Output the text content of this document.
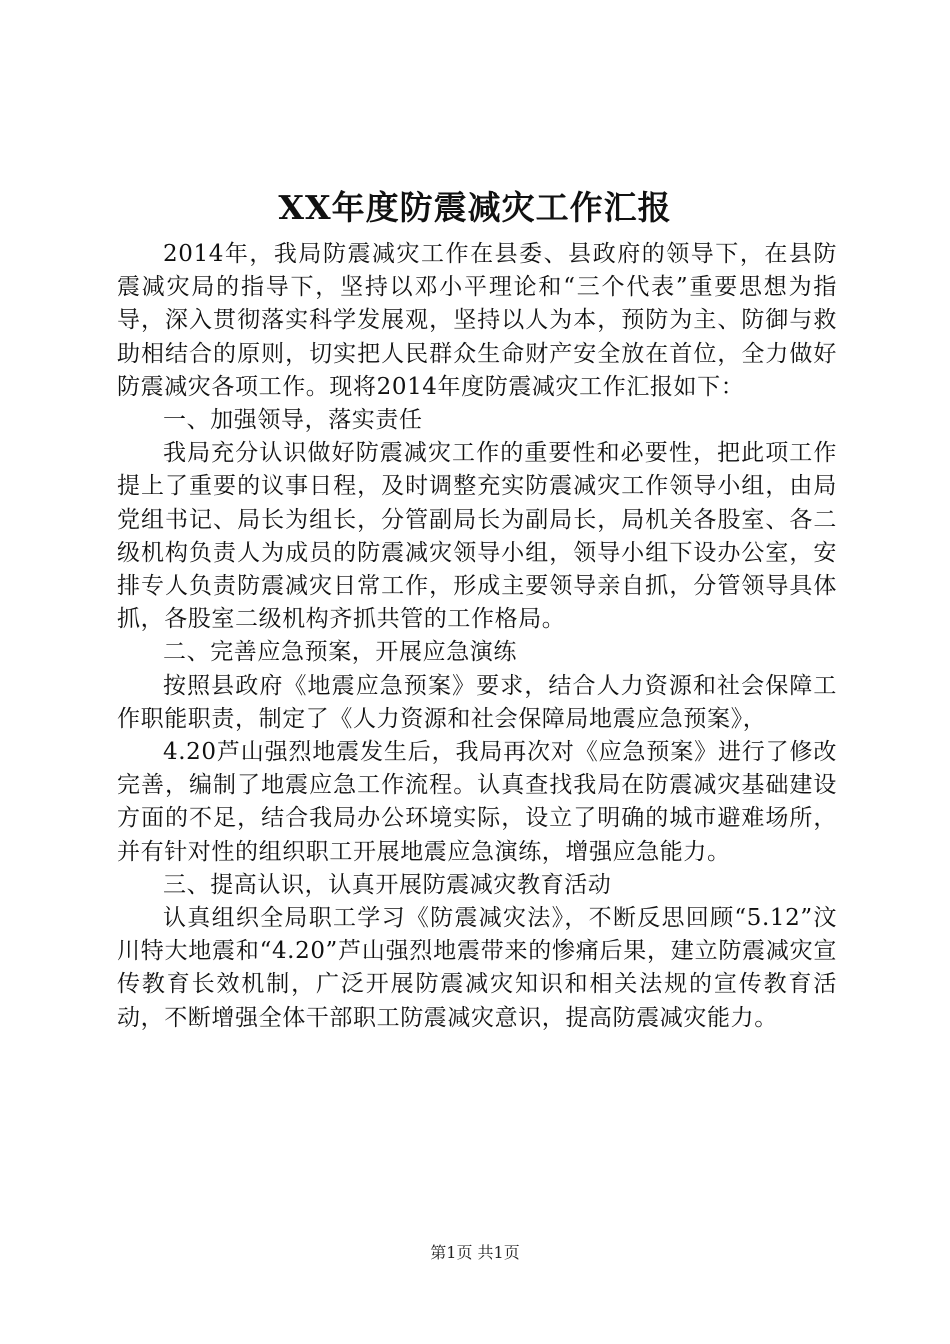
XX年度防震减灾工作汇报

2014年，我局防震减灾工作在县委、县政府的领导下，在县防震减灾局的指导下，坚持以邓小平理论和“三个代表”重要思想为指导，深入贯彻落实科学发展观，坚持以人为本，预防为主、防御与救助相结合的原则，切实把人民群众生命财产安全放在首位，全力做好防震减灾各项工作。现将2014年度防震减灾工作汇报如下：

一、加强领导，落实责任

我局充分认识做好防震减灾工作的重要性和必要性，把此项工作提上了重要的议事日程，及时调整充实防震减灾工作领导小组，由局党组书记、局长为组长，分管副局长为副局长，局机关各股室、各二级机构负责人为成员的防震减灾领导小组，领导小组下设办公室，安排专人负责防震减灾日常工作，形成主要领导亲自抓，分管领导具体抓，各股室二级机构齐抓共管的工作格局。

二、完善应急预案，开展应急演练

按照县政府《地震应急预案》要求，结合人力资源和社会保障工作职能职责，制定了《人力资源和社会保障局地震应急预案》，

4.20芦山强烈地震发生后，我局再次对《应急预案》进行了修改完善，编制了地震应急工作流程。认真查找我局在防震减灾基础建设方面的不足，结合我局办公环境实际，设立了明确的城市避难场所，并有针对性的组织职工开展地震应急演练，增强应急能力。

三、提高认识，认真开展防震减灾教育活动

认真组织全局职工学习《防震减灾法》，不断反思回顾“5.12”汶川特大地震和“4.20”芦山强烈地震带来的惨痛后果，建立防震减灾宣传教育长效机制，广泛开展防震减灾知识和相关法规的宣传教育活动，不断增强全体干部职工防震减灾意识，提高防震减灾能力。

第1页 共1页
